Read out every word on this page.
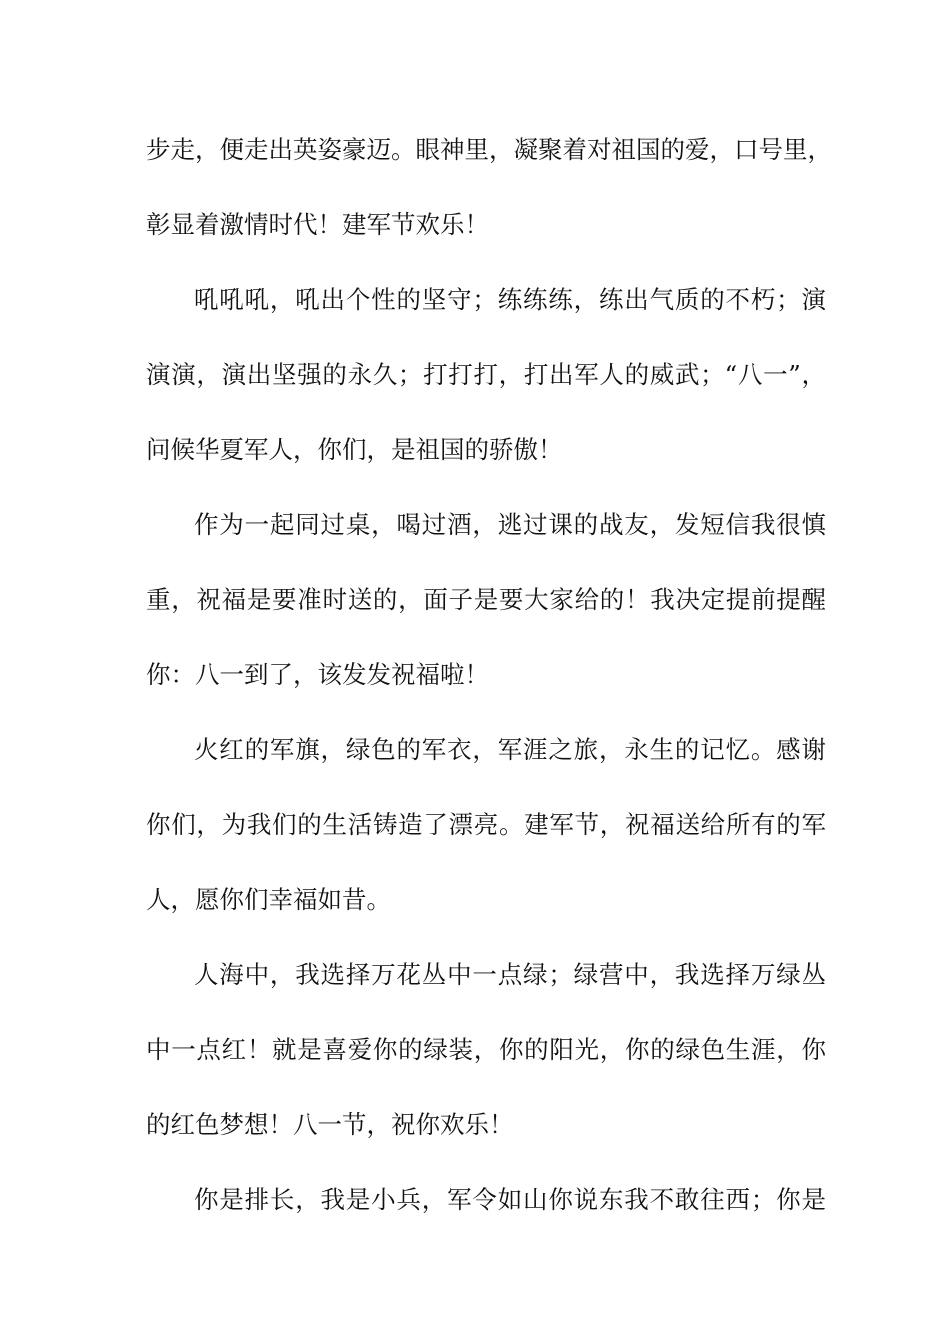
步走，便走出英姿豪迈。眼神里，凝聚着对祖国的爱，口号里，
彰显着激情时代！建军节欢乐！
吼吼吼，吼出个性的坚守；练练练，练出气质的不朽；演
演演，演出坚强的永久；打打打，打出军人的威武；“八一”，
问候华夏军人，你们，是祖国的骄傲！
作为一起同过桌，喝过酒，逃过课的战友，发短信我很慎
重，祝福是要准时送的，面子是要大家给的！我决定提前提醒
你：八一到了，该发发祝福啦！
火红的军旗，绿色的军衣，军涯之旅，永生的记忆。感谢
你们，为我们的生活铸造了漂亮。建军节，祝福送给所有的军
人，愿你们幸福如昔。
人海中，我选择万花丛中一点绿；绿营中，我选择万绿丛
中一点红！就是喜爱你的绿装，你的阳光，你的绿色生涯，你
的红色梦想！八一节，祝你欢乐！
你是排长，我是小兵，军令如山你说东我不敢往西；你是
